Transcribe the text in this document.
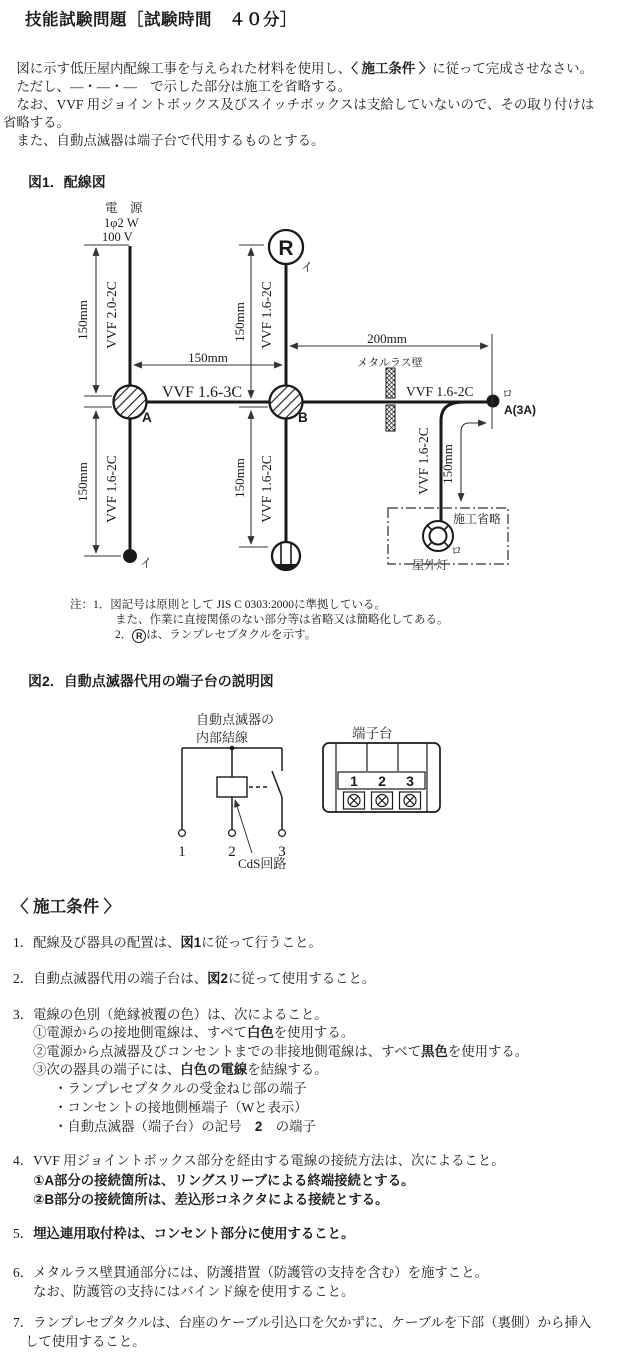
技能試験問題［試験時間　４０分］
　図に示す低圧屋内配線工事を与えられた材料を使用し、〈 施工条件 〉に従って完成させなさい。
　ただし、―・―・―　で示した部分は施工を省略する。
　なお、VVF 用ジョイントボックス及びスイッチボックスは支給していないので、その取り付けは
省略する。
　また、自動点滅器は端子台で代用するものとする。
図1．配線図
電　源
1φ2 W
100 V
メタルラス壁
A	B
R
イ
イ
ロ
A(3A)
施工省略
ロ
屋外灯
150mm	150mm
150mm	150mm	150mm
150mm
200mm
VVF 2.0-2C	VVF 1.6-2C
VVF 1.6-3C	VVF 1.6-2C
VVF 1.6-2C	VVF 1.6-2C	VVF 1.6-2C
注：1．図記号は原則として JIS C 0303:2000に準拠している。
また、作業に直接関係のない部分等は省略又は簡略化してある。
2． R は、ランプレセプタクルを示す。
図2．自動点滅器代用の端子台の説明図
自動点滅器の
内部結線	端子台
1	2	3
CdS回路
1 2 3
〈 施工条件 〉
1．配線及び器具の配置は、図1に従って行うこと。
2．自動点滅器代用の端子台は、図2に従って使用すること。
3．電線の色別（絶縁被覆の色）は、次によること。
①電源からの接地側電線は、すべて白色を使用する。
②電源から点滅器及びコンセントまでの非接地側電線は、すべて黒色を使用する。
③次の器具の端子には、白色の電線を結線する。
・ランプレセプタクルの受金ねじ部の端子
・コンセントの接地側極端子（Wと表示）
・自動点滅器（端子台）の記号　2　の端子
4．VVF 用ジョイントボックス部分を経由する電線の接続方法は、次によること。
①A部分の接続箇所は、リングスリーブによる終端接続とする。
②B部分の接続箇所は、差込形コネクタによる接続とする。
5．埋込連用取付枠は、コンセント部分に使用すること。
6．メタルラス壁貫通部分には、防護措置（防護管の支持を含む）を施すこと。
なお、防護管の支持にはバインド線を使用すること。
7．ランプレセプタクルは、台座のケーブル引込口を欠かずに、ケーブルを下部（裏側）から挿入
して使用すること。
